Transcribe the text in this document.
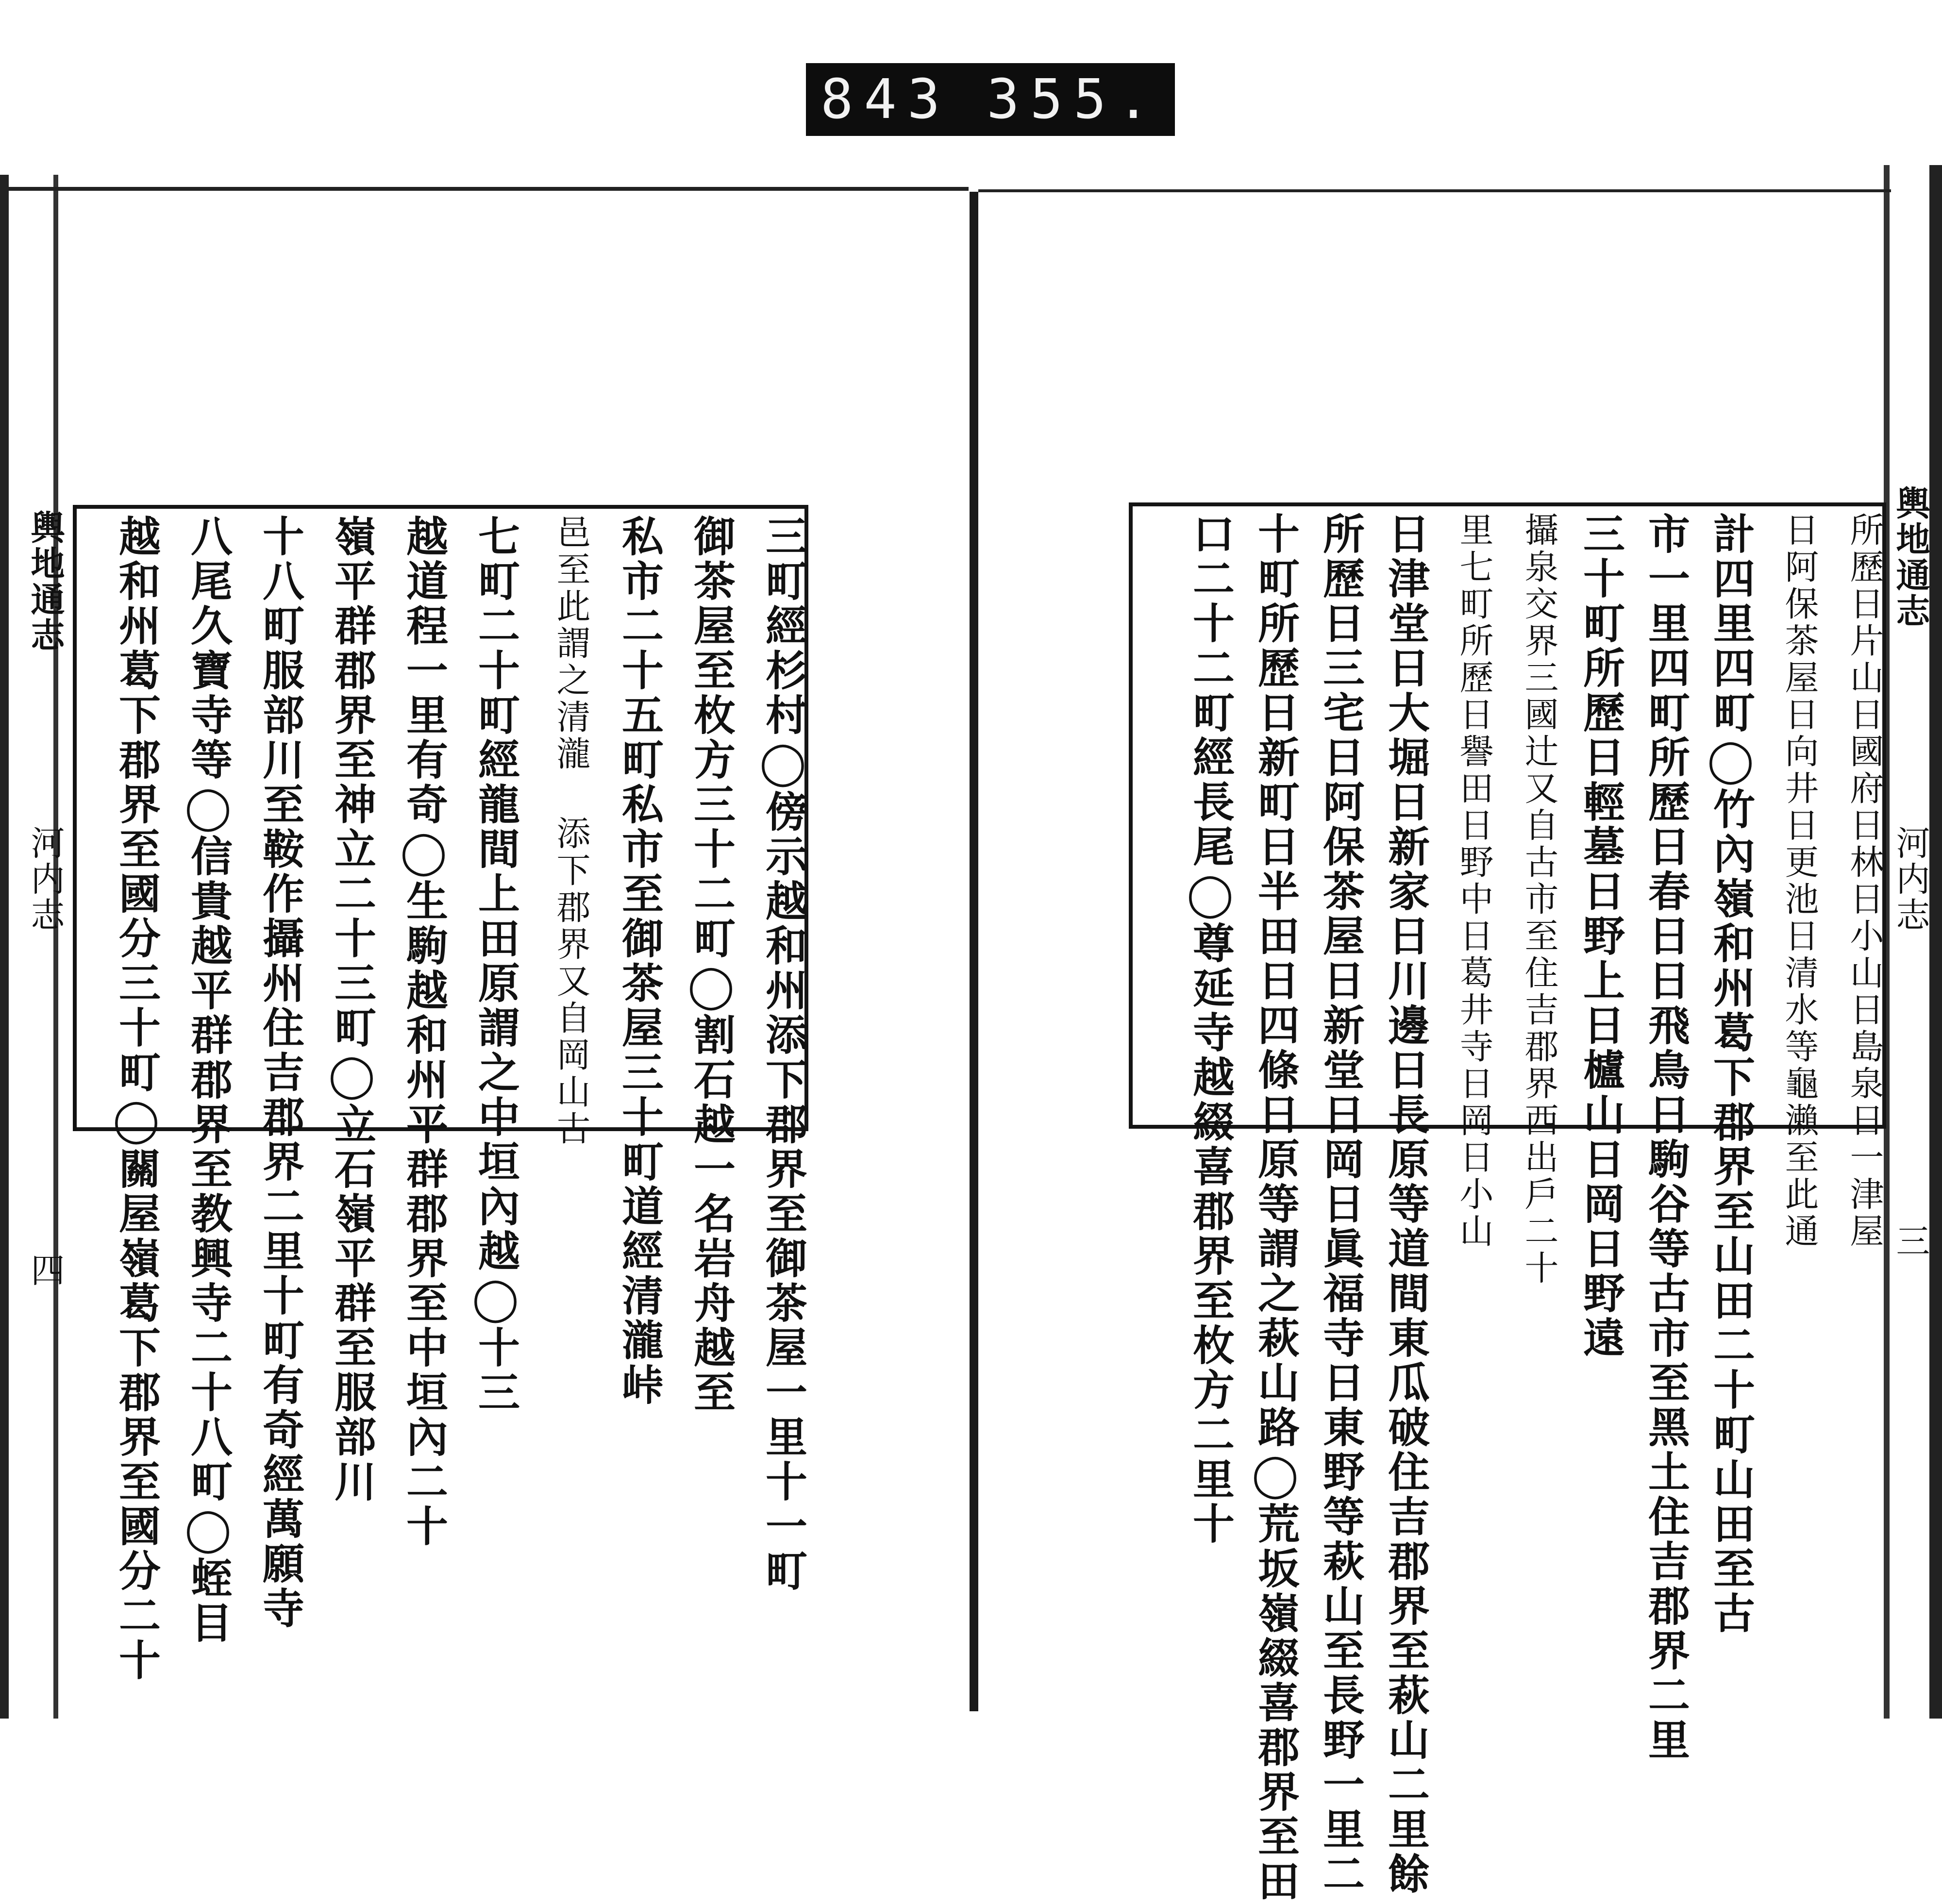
843 355.
輿地通志
河内志
四	三町經杉村◯傍示越和州添下郡界至御茶屋一里十一町
御茶屋至枚方三十二町◯割石越一名岩舟越至
私市二十五町私市至御茶屋三十町道經清瀧峠
邑至此謂之清瀧 添下郡界又自岡山古
七町二十町經龍間上田原謂之中垣內越◯十三
越道程一里有奇◯生駒越和州平群郡界至中垣內二十
嶺平群郡界至神立二十三町◯立石嶺平群至服部川
十八町服部川至鞍作攝州住吉郡界二里十町有奇經萬願寺
八尾久寶寺等◯信貴越平群郡界至教興寺二十八町◯蛭目
越和州葛下郡界至國分三十町◯關屋嶺葛下郡界至國分二十	輿地通志
河内志
三
所歷日片山日國府日林日小山日島泉日一津屋
日阿保茶屋日向井日更池日清水等龜瀨至此通
計四里四町◯竹內嶺和州葛下郡界至山田二十町山田至古
市一里四町所歷日春日日飛鳥日駒谷等古市至黑土住吉郡界二里
三十町所歷日輕墓日野上日櫨山日岡日野遠
攝泉交界三國辻又自古市至住吉郡界西出戶二十
里七町所歷日譽田日野中日葛井寺日岡日小山
日津堂日大堀日新家日川邊日長原等道間東瓜破住吉郡界至萩山二里餘
所歷日三宅日阿保茶屋日新堂日岡日眞福寺日東野等萩山至長野一里二
十町所歷日新町日半田日四條日原等謂之萩山路◯荒坂嶺綴喜郡界至田
口二十二町經長尾◯尊延寺越綴喜郡界至枚方二里十
